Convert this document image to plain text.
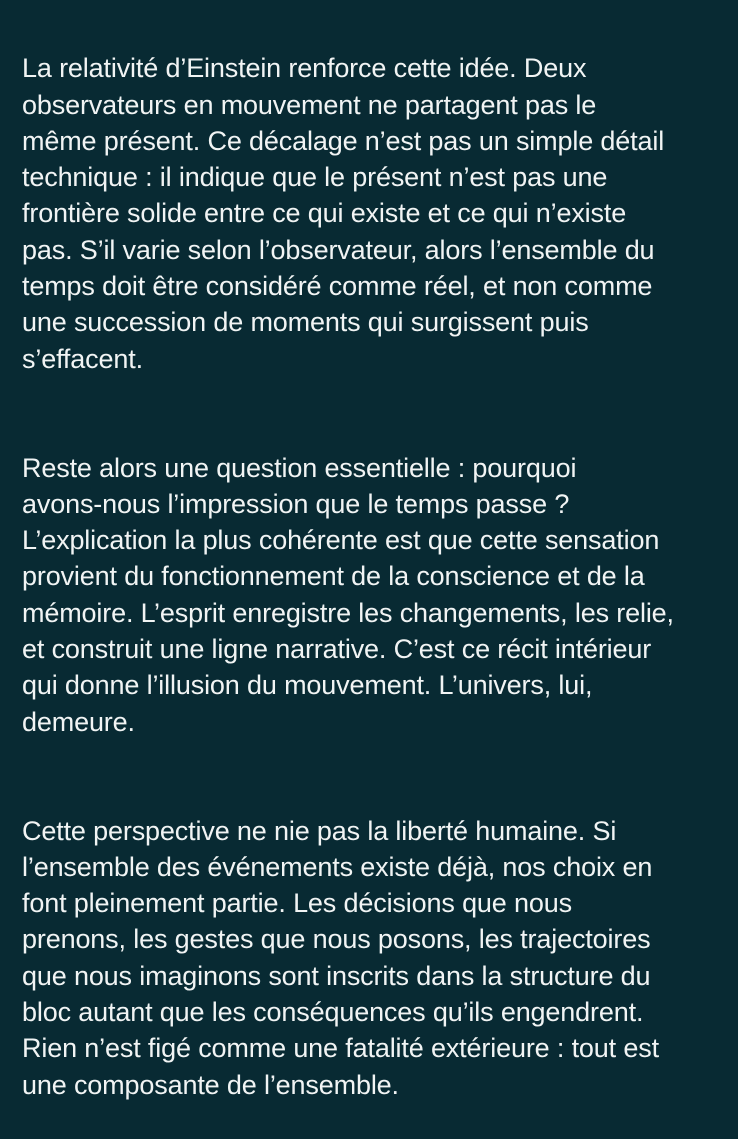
La relativité d’Einstein renforce cette idée. Deux
observateurs en mouvement ne partagent pas le
même présent. Ce décalage n’est pas un simple détail
technique : il indique que le présent n’est pas une
frontière solide entre ce qui existe et ce qui n’existe
pas. S’il varie selon l’observateur, alors l’ensemble du
temps doit être considéré comme réel, et non comme
une succession de moments qui surgissent puis
s’effacent.

Reste alors une question essentielle : pourquoi
avons-nous l’impression que le temps passe ?
L’explication la plus cohérente est que cette sensation
provient du fonctionnement de la conscience et de la
mémoire. L’esprit enregistre les changements, les relie,
et construit une ligne narrative. C’est ce récit intérieur
qui donne l’illusion du mouvement. L’univers, lui,
demeure.

Cette perspective ne nie pas la liberté humaine. Si
l’ensemble des événements existe déjà, nos choix en
font pleinement partie. Les décisions que nous
prenons, les gestes que nous posons, les trajectoires
que nous imaginons sont inscrits dans la structure du
bloc autant que les conséquences qu’ils engendrent.
Rien n’est figé comme une fatalité extérieure : tout est
une composante de l’ensemble.
